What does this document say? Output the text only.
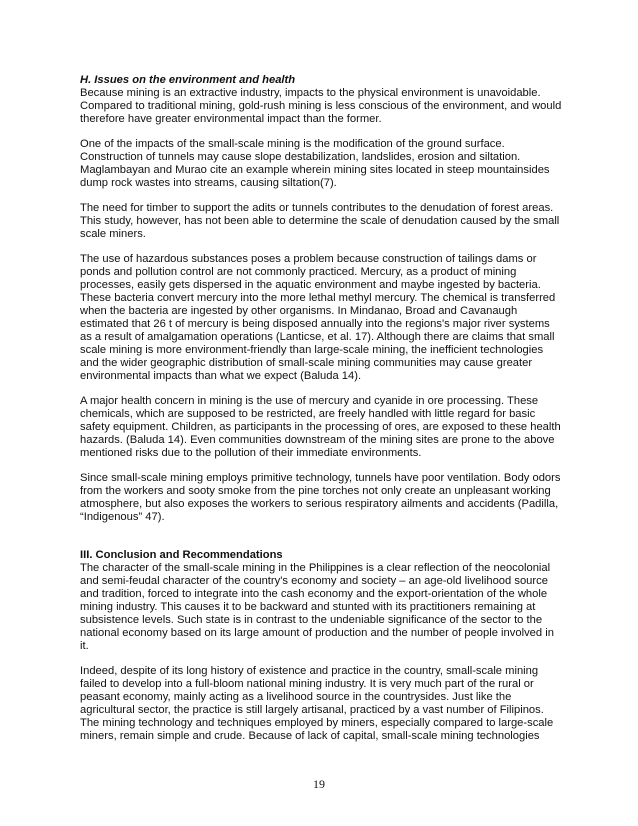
H. Issues on the environment and health

Because mining is an extractive industry, impacts to the physical environment is unavoidable. Compared to traditional mining, gold-rush mining is less conscious of the environment, and would therefore have greater environmental impact than the former.

One of the impacts of the small-scale mining is the modification of the ground surface. Construction of tunnels may cause slope destabilization, landslides, erosion and siltation. Maglambayan and Murao cite an example wherein mining sites located in steep mountainsides dump rock wastes into streams, causing siltation(7).

The need for timber to support the adits or tunnels contributes to the denudation of forest areas. This study, however, has not been able to determine the scale of denudation caused by the small scale miners.

The use of hazardous substances poses a problem because construction of tailings dams or ponds and pollution control are not commonly practiced. Mercury, as a product of mining processes, easily gets dispersed in the aquatic environment and maybe ingested by bacteria. These bacteria convert mercury into the more lethal methyl mercury. The chemical is transferred when the bacteria are ingested by other organisms. In Mindanao, Broad and Cavanaugh estimated that 26 t of mercury is being disposed annually into the regions's major river systems as a result of amalgamation operations (Lanticse, et al. 17). Although there are claims that small scale mining is more environment-friendly than large-scale mining, the inefficient technologies and the wider geographic distribution of small-scale mining communities may cause greater environmental impacts than what we expect (Baluda 14).

A major health concern in mining is the use of mercury and cyanide in ore processing. These chemicals, which are supposed to be restricted, are freely handled with little regard for basic safety equipment. Children, as participants in the processing of ores, are exposed to these health hazards. (Baluda 14). Even communities downstream of the mining sites are prone to the above mentioned risks due to the pollution of their immediate environments.

Since small-scale mining employs primitive technology, tunnels have poor ventilation. Body odors from the workers and sooty smoke from the pine torches not only create an unpleasant working atmosphere, but also exposes the workers to serious respiratory ailments and accidents (Padilla, “Indigenous” 47).

III. Conclusion and Recommendations

The character of the small-scale mining in the Philippines is a clear reflection of the neocolonial and semi-feudal character of the country's economy and society – an age-old livelihood source and tradition, forced to integrate into the cash economy and the export-orientation of the whole mining industry. This causes it to be backward and stunted with its practitioners remaining at subsistence levels. Such state is in contrast to the undeniable significance of the sector to the national economy based on its large amount of production and the number of people involved in it.

Indeed, despite of its long history of existence and practice in the country, small-scale mining failed to develop into a full-bloom national mining industry. It is very much part of the rural or peasant economy, mainly acting as a livelihood source in the countrysides. Just like the agricultural sector, the practice is still largely artisanal, practiced by a vast number of Filipinos. The mining technology and techniques employed by miners, especially compared to large-scale miners, remain simple and crude. Because of lack of capital, small-scale mining technologies

19
